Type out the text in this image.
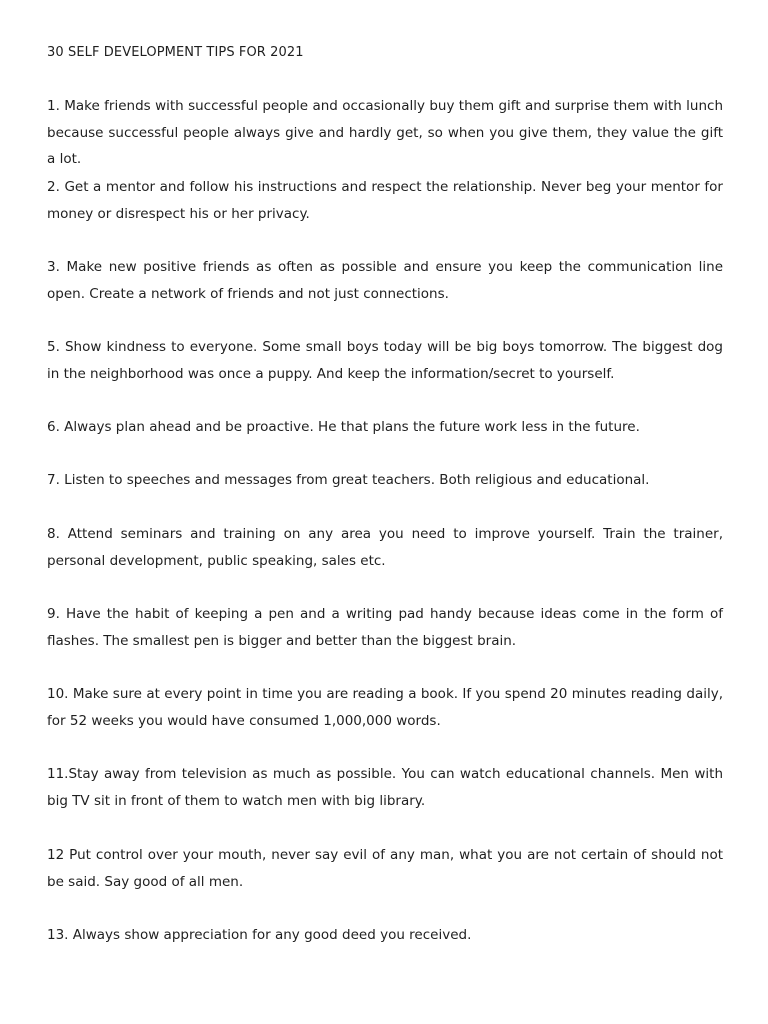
30 SELF DEVELOPMENT TIPS FOR 2021
1. Make friends with successful people and occasionally buy them gift and surprise them with lunch because successful people always give and hardly get, so when you give them, they value the gift a lot.
2. Get a mentor and follow his instructions and respect the relationship. Never beg your mentor for money or disrespect his or her privacy.
3. Make new positive friends as often as possible and ensure you keep the communication line open. Create a network of friends and not just connections.
5. Show kindness to everyone. Some small boys today will be big boys tomorrow. The biggest dog in the neighborhood was once a puppy. And keep the information/secret to yourself.
6. Always plan ahead and be proactive. He that plans the future work less in the future.
7. Listen to speeches and messages from great teachers. Both religious and educational.
8. Attend seminars and training on any area you need to improve yourself. Train the trainer, personal development, public speaking, sales etc.
9. Have the habit of keeping a pen and a writing pad handy because ideas come in the form of flashes. The smallest pen is bigger and better than the biggest brain.
10. Make sure at every point in time you are reading a book. If you spend 20 minutes reading daily, for 52 weeks you would have consumed 1,000,000 words.
11.Stay away from television as much as possible. You can watch educational channels. Men with big TV sit in front of them to watch men with big library.
12 Put control over your mouth, never say evil of any man, what you are not certain of should not be said. Say good of all men.
13. Always show appreciation for any good deed you received.
